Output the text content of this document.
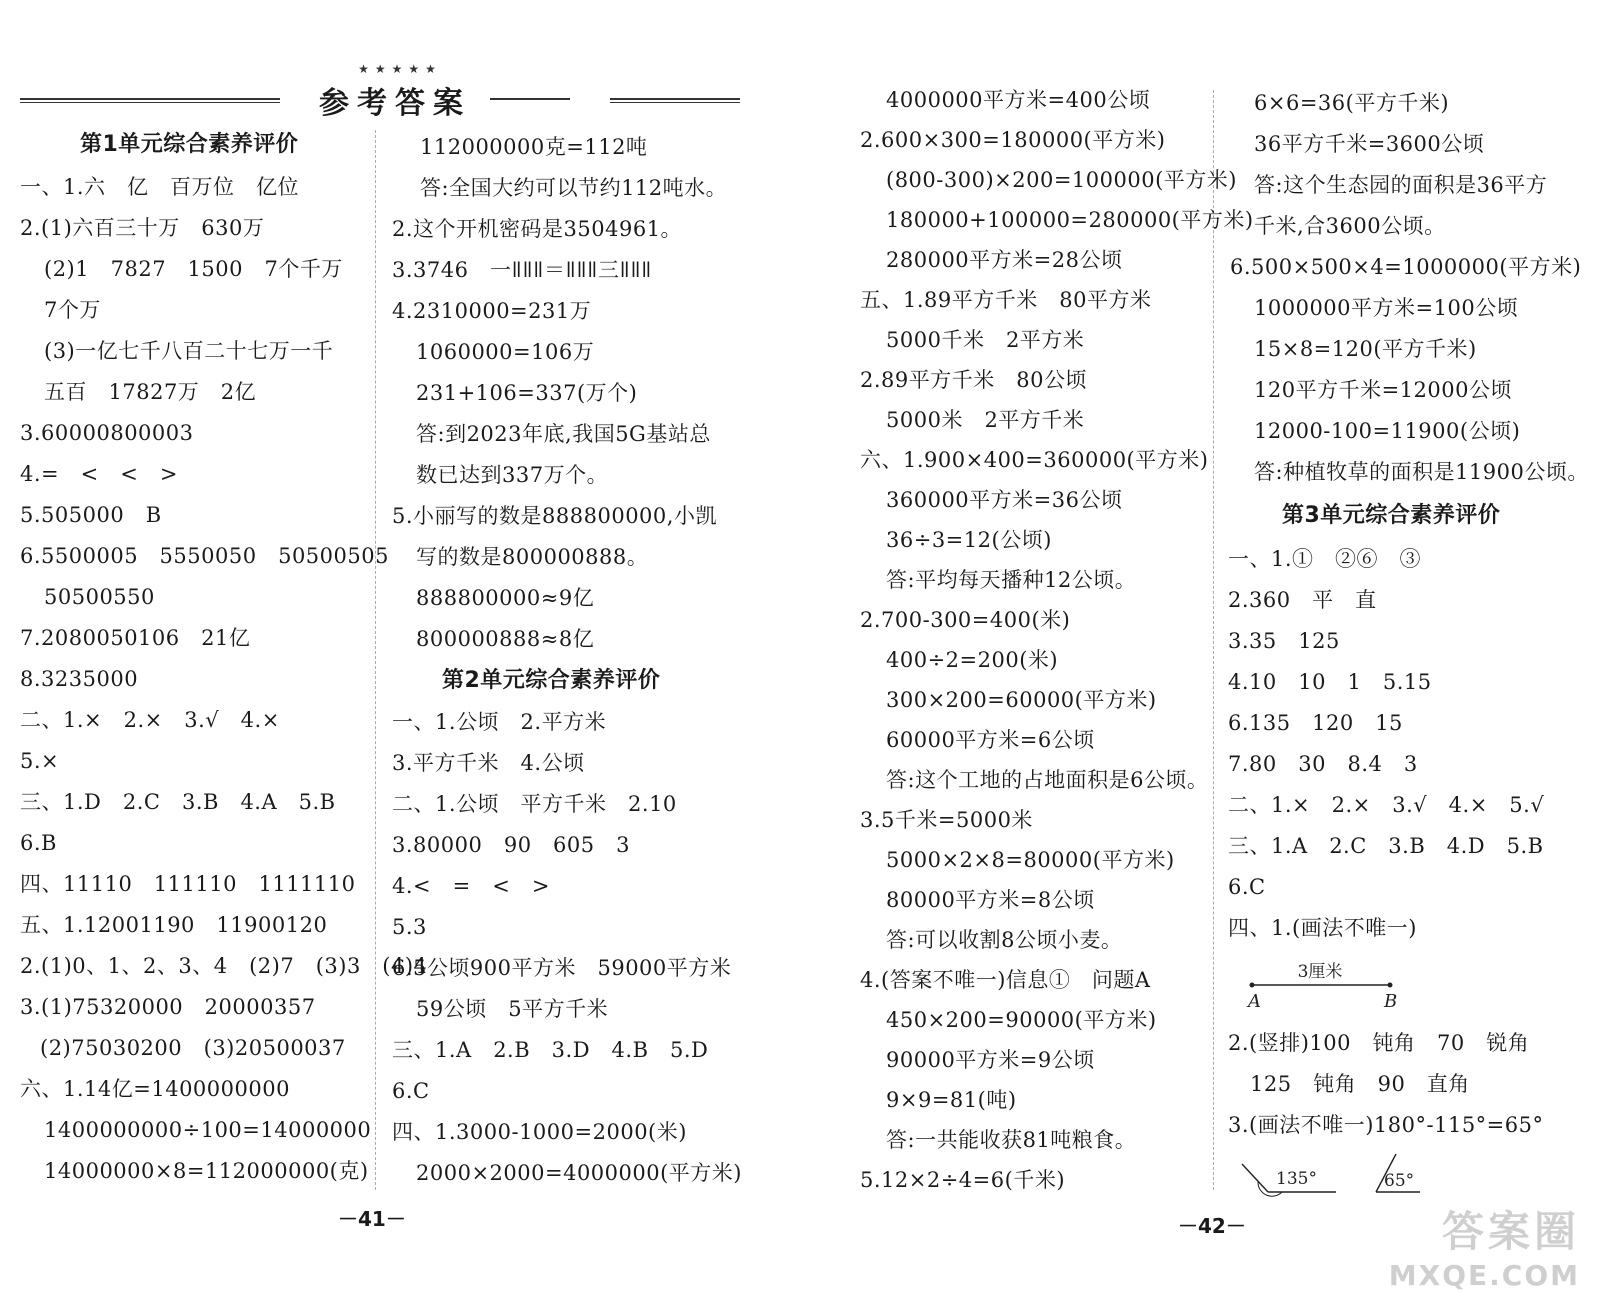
★★★★★
参考答案
第1单元综合素养评价
一、1.六　亿　百万位　亿位
2.(1)六百三十万　630万
(2)1　7827　1500　7个千万
7个万
(3)一亿七千八百二十七万一千
五百　17827万　2亿
3.60000800003
4.=　<　<　>
5.505000　B
6.5500005　5550050　50500505
50500550
7.2080050106　21亿
8.3235000
二、1.×　2.×　3.√　4.×
5.×
三、1.D　2.C　3.B　4.A　5.B
6.B
四、11110　111110　1111110
五、1.12001190　11900120
2.(1)0、1、2、3、4　(2)7　(3)3　(4)4
3.(1)75320000　20000357
(2)75030200　(3)20500037
六、1.14亿=1400000000
1400000000÷100=14000000
14000000×8=112000000(克)
112000000克=112吨
答:全国大约可以节约112吨水。
2.这个开机密码是3504961。
3.3746　一ǁǁǁ＝ǁǁǁ三ǁǁǁ
4.2310000=231万
1060000=106万
231+106=337(万个)
答:到2023年底,我国5G基站总
数已达到337万个。
5.小丽写的数是888800000,小凯
写的数是800000888。
888800000≈9亿
800000888≈8亿
第2单元综合素养评价
一、1.公顷　2.平方米
3.平方千米　4.公顷
二、1.公顷　平方千米　2.10
3.80000　90　605　3
4.<　=　<　>
5.3
6.5公顷900平方米　59000平方米
59公顷　5平方千米
三、1.A　2.B　3.D　4.B　5.D
6.C
四、1.3000-1000=2000(米)
2000×2000=4000000(平方米)
4000000平方米=400公顷
2.600×300=180000(平方米)
(800-300)×200=100000(平方米)
180000+100000=280000(平方米)
280000平方米=28公顷
五、1.89平方千米　80平方米
5000千米　2平方米
2.89平方千米　80公顷
5000米　2平方千米
六、1.900×400=360000(平方米)
360000平方米=36公顷
36÷3=12(公顷)
答:平均每天播种12公顷。
2.700-300=400(米)
400÷2=200(米)
300×200=60000(平方米)
60000平方米=6公顷
答:这个工地的占地面积是6公顷。
3.5千米=5000米
5000×2×8=80000(平方米)
80000平方米=8公顷
答:可以收割8公顷小麦。
4.(答案不唯一)信息①　问题A
450×200=90000(平方米)
90000平方米=9公顷
9×9=81(吨)
答:一共能收获81吨粮食。
5.12×2÷4=6(千米)
6×6=36(平方千米)
36平方千米=3600公顷
答:这个生态园的面积是36平方
千米,合3600公顷。
6.500×500×4=1000000(平方米)
1000000平方米=100公顷
15×8=120(平方千米)
120平方千米=12000公顷
12000-100=11900(公顷)
答:种植牧草的面积是11900公顷。
第3单元综合素养评价
一、1.①　②⑥　③
2.360　平　直
3.35　125
4.10　10　1　5.15
6.135　120　15
7.80　30　8.4　3
二、1.×　2.×　3.√　4.×　5.√
三、1.A　2.C　3.B　4.D　5.B
6.C
四、1.(画法不唯一)
2.(竖排)100　钝角　70　锐角
125　钝角　90　直角
3.(画法不唯一)180°-115°=65°
3厘米
A	B
135°	65°
－41－	－42－	答案圈
MXQE.COM
